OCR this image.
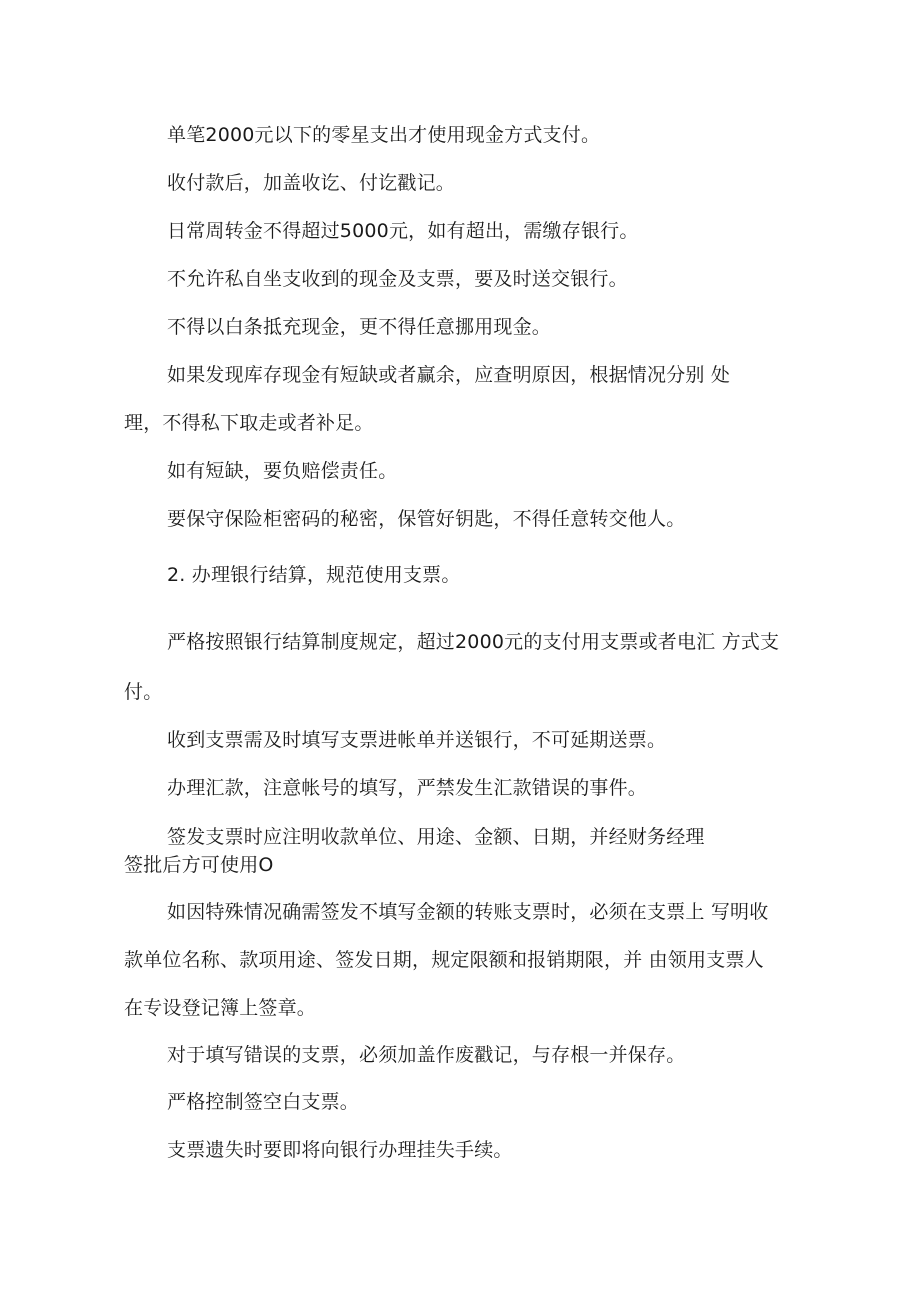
单笔2000元以下的零星支出才使用现金方式支付。
收付款后，加盖收讫、付讫戳记。
日常周转金不得超过5000元，如有超出，需缴存银行。
不允许私自坐支收到的现金及支票，要及时送交银行。
不得以白条抵充现金，更不得任意挪用现金。
如果发现库存现金有短缺或者赢余，应查明原因，根据情况分别 处
理，不得私下取走或者补足。
如有短缺，要负赔偿责任。
要保守保险柜密码的秘密，保管好钥匙，不得任意转交他人。
2. 办理银行结算，规范使用支票。
严格按照银行结算制度规定，超过2000元的支付用支票或者电汇 方式支
付。
收到支票需及时填写支票进帐单并送银行，不可延期送票。
办理汇款，注意帐号的填写，严禁发生汇款错误的事件。
签发支票时应注明收款单位、用途、金额、日期，并经财务经理
签批后方可使用O
如因特殊情况确需签发不填写金额的转账支票时，必须在支票上 写明收
款单位名称、款项用途、签发日期，规定限额和报销期限，并 由领用支票人
在专设登记簿上签章。
对于填写错误的支票，必须加盖作废戳记，与存根一并保存。
严格控制签空白支票。
支票遗失时要即将向银行办理挂失手续。
